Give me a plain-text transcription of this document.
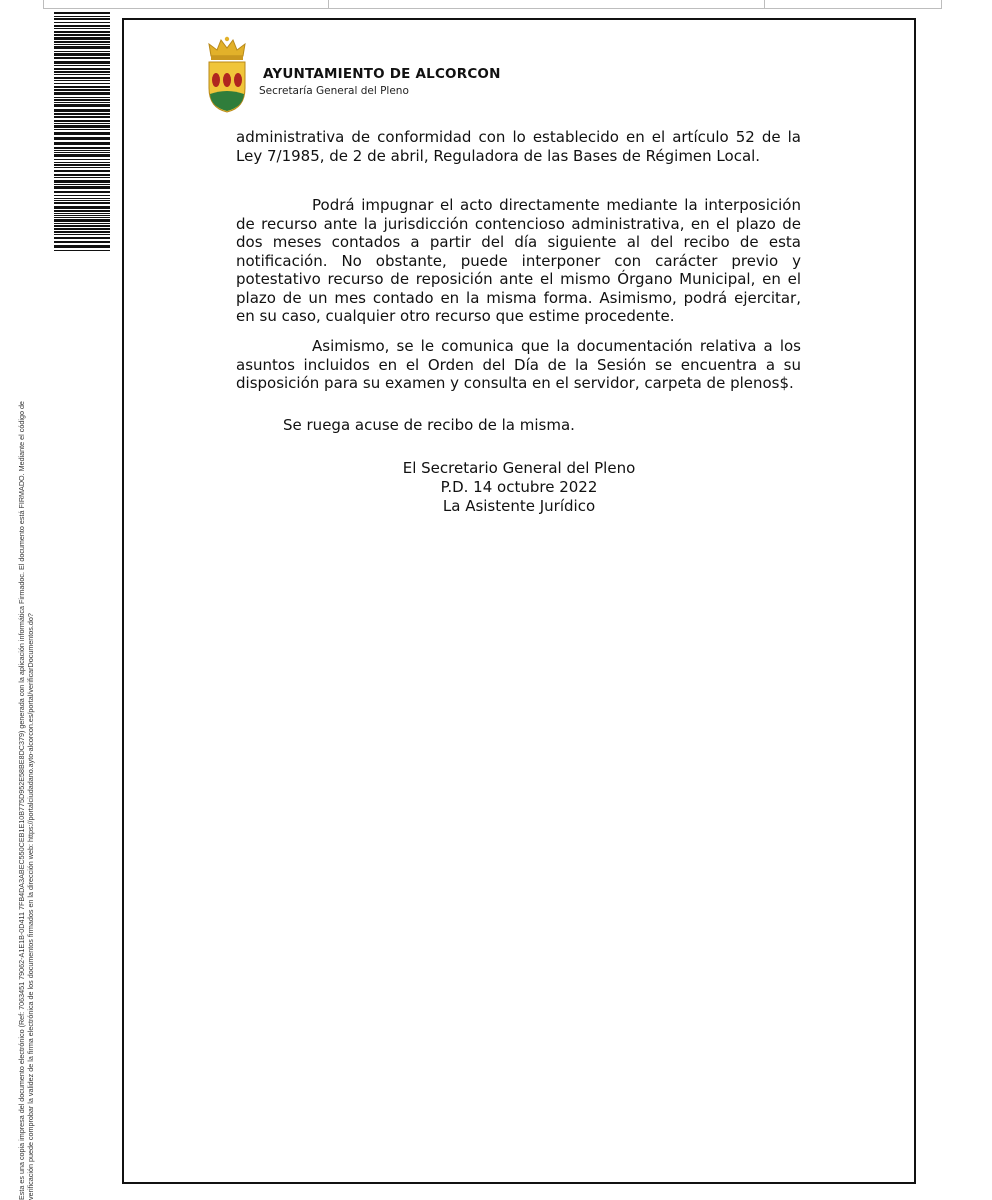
Esta es una copia impresa del documento electrónico (Ref: 7063451 79062-A1E1B-0D411 7FB4DA3ABEC550CEB1E10B775D952E58BE8DC379) generada con la aplicación informática Firmadoc. El documento está FIRMADO. Mediante el código de verificación puede comprobar la validez de la firma electrónica de los documentos firmados en la dirección web: https://portalciudadano.ayto-alcorcon.es/portal/verificarDocumentos.do?
AYUNTAMIENTO DE ALCORCON
Secretaría General del Pleno
administrativa de conformidad con lo establecido en el artículo 52 de la Ley 7/1985, de 2 de abril, Reguladora de las Bases de Régimen Local.
Podrá impugnar el acto directamente mediante la interposición de recurso ante la jurisdicción contencioso administrativa, en el plazo de dos meses contados a partir del día siguiente al del recibo de esta notificación. No obstante, puede interponer con carácter previo y potestativo recurso de reposición ante el mismo Órgano Municipal, en el plazo de un mes contado en la misma forma. Asimismo, podrá ejercitar, en su caso, cualquier otro recurso que estime procedente.
Asimismo, se le comunica que la documentación relativa a los asuntos incluidos en el Orden del Día de la Sesión se encuentra a su disposición para su examen y consulta en el servidor, carpeta de plenos$.
Se ruega acuse de recibo de la misma.
El Secretario General del Pleno
P.D. 14 octubre 2022
La Asistente Jurídico
